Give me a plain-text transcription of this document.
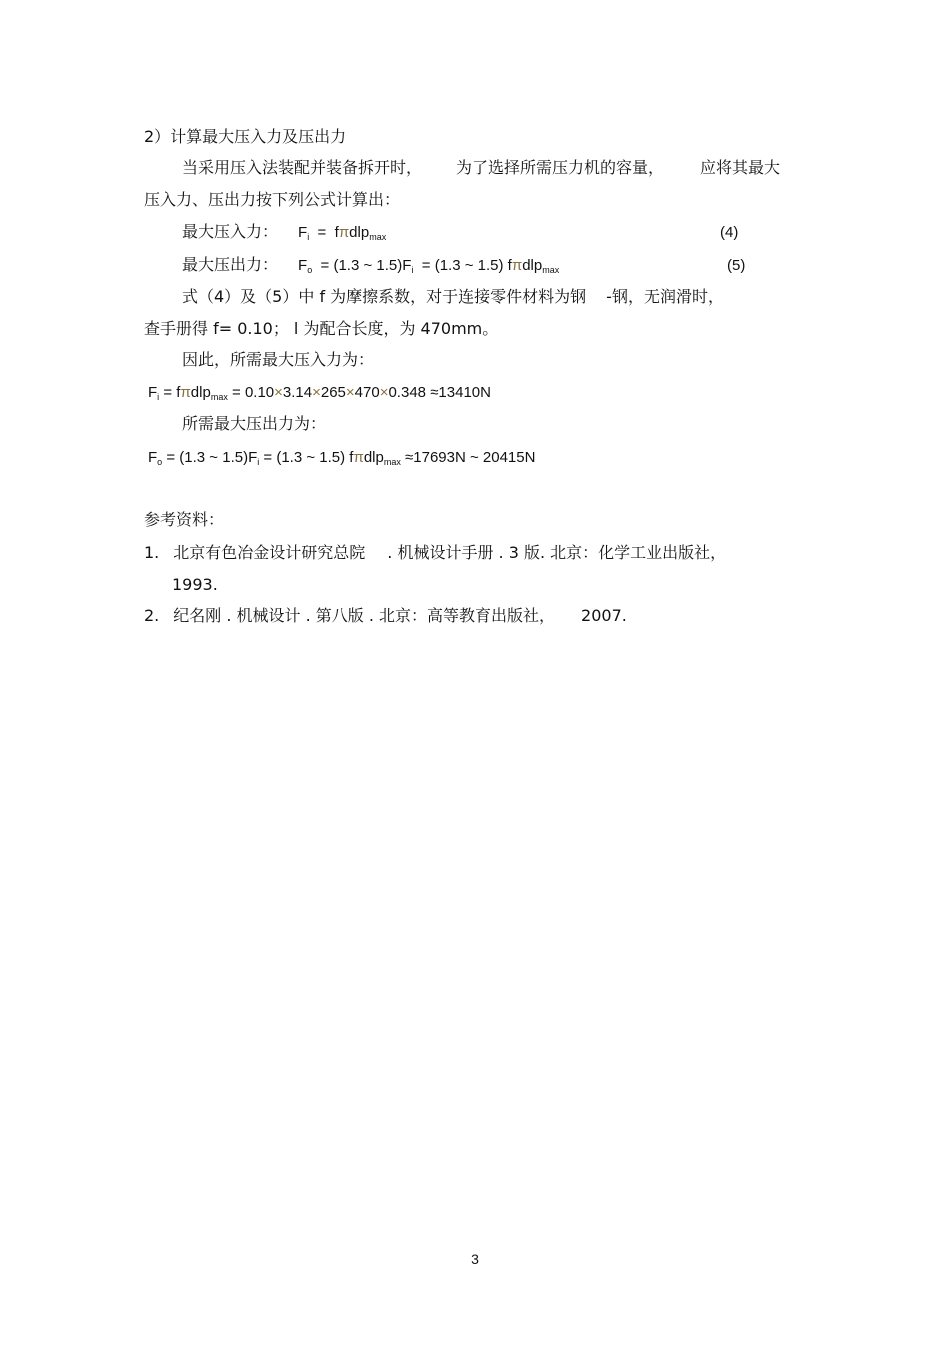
2）计算最大压入力及压出力
当采用压入法装配并装备拆开时， 为了选择所需压力机的容量， 应将其最大
压入力、压出力按下列公式计算出：
最大压入力： $F_i = f\pi dlp_{max}$	(4)
最大压出力： $F_o = (1.3$ ~ $1.5)F_i = (1.3$ ~ 1.5) fπdlp$_{max}$	(5)
式（4）及（5）中 f 为摩擦系数，对于连接零件材料为钢 -钢，无润滑时，
查手册得 f= 0.10； l 为配合长度，为 470mm。
因此，所需最大压入力为：
$F_i = f\pi dlp_{max} = 0.10\times 3.14\times 265\times 470\times 0.348 \approx 13410N$
所需最大压出力为：
$F_o = (1.3$ ~ $1.5)F_i = (1.3$ ~ 1.5) fπdlp$_{max}$ ≈17693N ~ 20415N
参考资料：
1. 北京有色冶金设计研究总院 . 机械设计手册 . 3 版. 北京：化学工业出版社，
1993.
2. 纪名刚 . 机械设计 . 第八版 . 北京：高等教育出版社， 2007.
3
